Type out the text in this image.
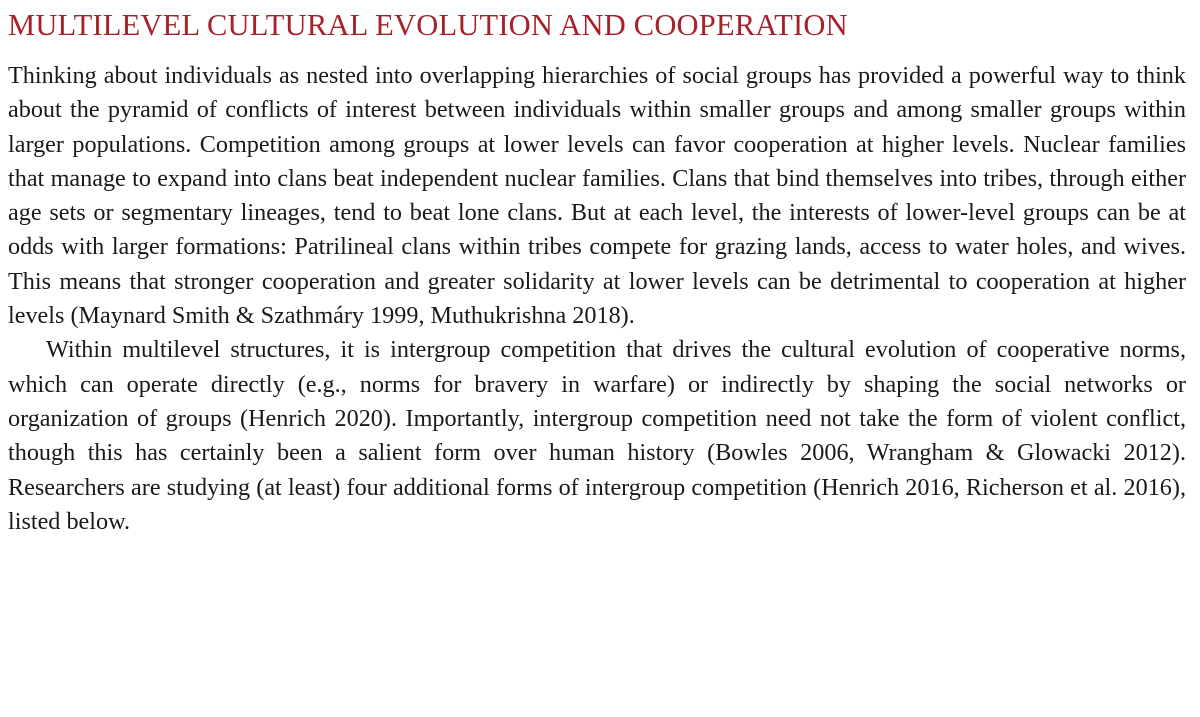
MULTILEVEL CULTURAL EVOLUTION AND COOPERATION

Thinking about individuals as nested into overlapping hierarchies of social groups has provided a powerful way to think about the pyramid of conflicts of interest between individuals within smaller groups and among smaller groups within larger populations. Competition among groups at lower levels can favor cooperation at higher levels. Nuclear families that manage to expand into clans beat independent nuclear families. Clans that bind themselves into tribes, through either age sets or segmentary lineages, tend to beat lone clans. But at each level, the interests of lower-level groups can be at odds with larger formations: Patrilineal clans within tribes compete for grazing lands, access to water holes, and wives. This means that stronger cooperation and greater solidarity at lower levels can be detrimental to cooperation at higher levels (Maynard Smith & Szathmáry 1999, Muthukrishna 2018).

Within multilevel structures, it is intergroup competition that drives the cultural evolution of cooperative norms, which can operate directly (e.g., norms for bravery in warfare) or indirectly by shaping the social networks or organization of groups (Henrich 2020). Importantly, intergroup competition need not take the form of violent conflict, though this has certainly been a salient form over human history (Bowles 2006, Wrangham & Glowacki 2012). Researchers are studying (at least) four additional forms of intergroup competition (Henrich 2016, Richerson et al. 2016), listed below.
